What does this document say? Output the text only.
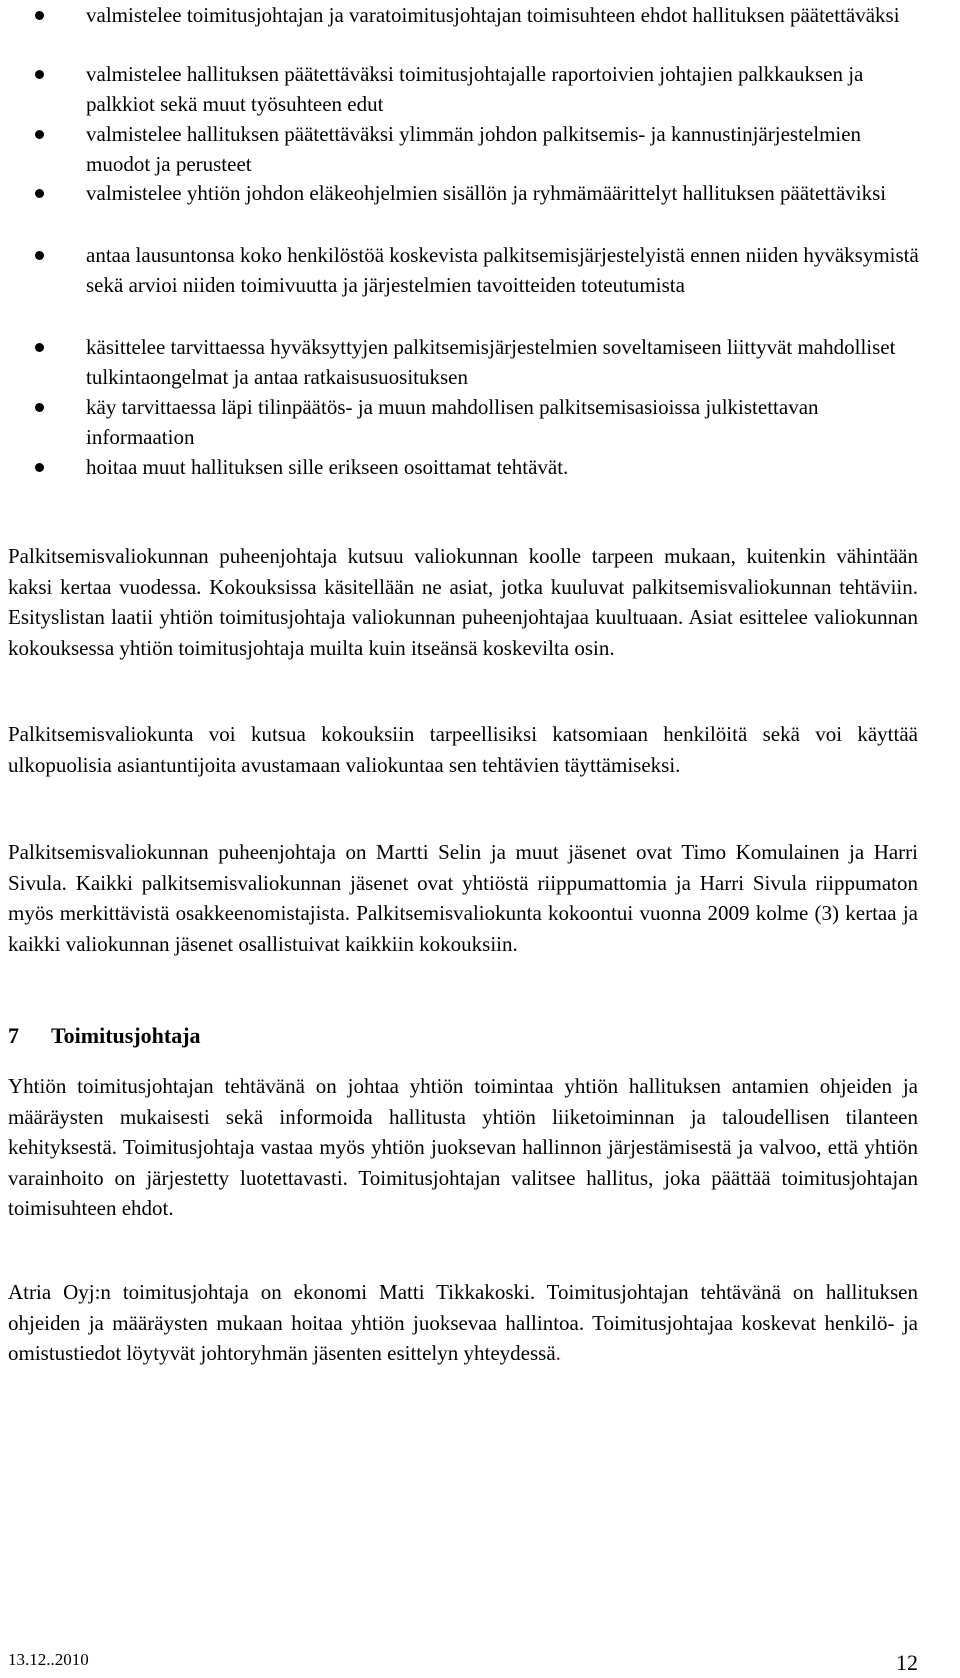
valmistelee toimitusjohtajan ja varatoimitusjohtajan toimisuhteen ehdot hallituksen päätettäväksi
valmistelee hallituksen päätettäväksi toimitusjohtajalle raportoivien johtajien palkkauksen ja palkkiot sekä muut työsuhteen edut
valmistelee hallituksen päätettäväksi ylimmän johdon palkitsemis- ja kannustinjärjestelmien muodot ja perusteet
valmistelee yhtiön johdon eläkeohjelmien sisällön ja ryhmämäärittelyt hallituksen päätettäviksi
antaa lausuntonsa koko henkilöstöä koskevista palkitsemisjärjestelyistä ennen niiden hyväksymistä sekä arvioi niiden toimivuutta ja järjestelmien tavoitteiden toteutumista
käsittelee tarvittaessa hyväksyttyjen palkitsemisjärjestelmien soveltamiseen liittyvät mahdolliset tulkintaongelmat ja antaa ratkaisusuosituksen
käy tarvittaessa läpi tilinpäätös- ja muun mahdollisen palkitsemisasioissa julkistettavan informaation
hoitaa muut hallituksen sille erikseen osoittamat tehtävät.

Palkitsemisvaliokunnan puheenjohtaja kutsuu valiokunnan koolle tarpeen mukaan, kuitenkin vähintään kaksi kertaa vuodessa. Kokouksissa käsitellään ne asiat, jotka kuuluvat palkitsemisvaliokunnan tehtäviin. Esityslistan laatii yhtiön toimitusjohtaja valiokunnan puheenjohtajaa kuultuaan. Asiat esittelee valiokunnan kokouksessa yhtiön toimitusjohtaja muilta kuin itseänsä koskevilta osin.

Palkitsemisvaliokunta voi kutsua kokouksiin tarpeellisiksi katsomiaan henkilöitä sekä voi käyttää ulkopuolisia asiantuntijoita avustamaan valiokuntaa sen tehtävien täyttämiseksi.

Palkitsemisvaliokunnan puheenjohtaja on Martti Selin ja muut jäsenet ovat Timo Komulainen ja Harri Sivula. Kaikki palkitsemisvaliokunnan jäsenet ovat yhtiöstä riippumattomia ja Harri Sivula riippumaton myös merkittävistä osakkeenomistajista. Palkitsemisvaliokunta kokoontui vuonna 2009 kolme (3) kertaa ja kaikki valiokunnan jäsenet osallistuivat kaikkiin kokouksiin.

7 Toimitusjohtaja

Yhtiön toimitusjohtajan tehtävänä on johtaa yhtiön toimintaa yhtiön hallituksen antamien ohjeiden ja määräysten mukaisesti sekä informoida hallitusta yhtiön liiketoiminnan ja taloudellisen tilanteen kehityksestä. Toimitusjohtaja vastaa myös yhtiön juoksevan hallinnon järjestämisestä ja valvoo, että yhtiön varainhoito on järjestetty luotettavasti. Toimitusjohtajan valitsee hallitus, joka päättää toimitusjohtajan toimisuhteen ehdot.

Atria Oyj:n toimitusjohtaja on ekonomi Matti Tikkakoski. Toimitusjohtajan tehtävänä on hallituksen ohjeiden ja määräysten mukaan hoitaa yhtiön juoksevaa hallintoa. Toimitusjohtajaa koskevat henkilö- ja omistustiedot löytyvät johtoryhmän jäsenten esittelyn yhteydessä.

13.12..2010	12
